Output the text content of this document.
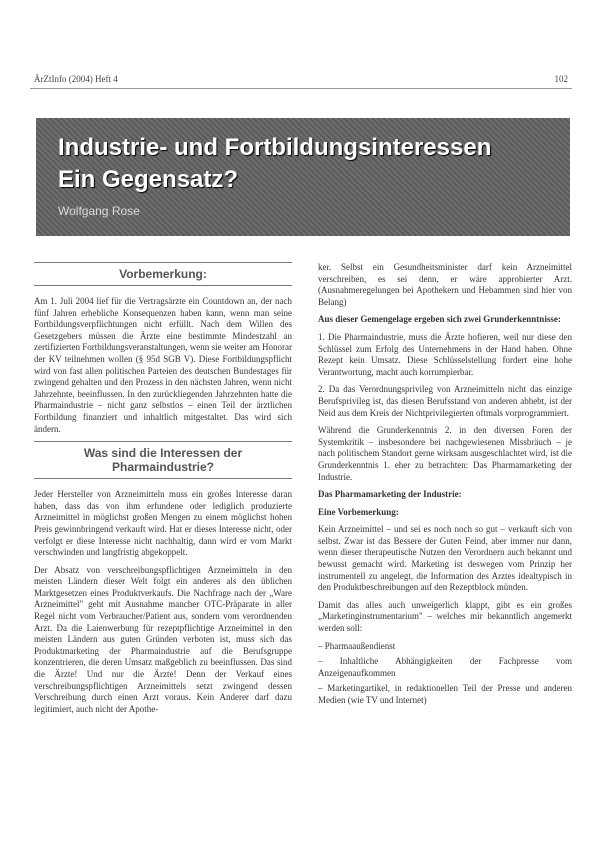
ÄrZtInfo (2004) Heft 4	102
Industrie- und Fortbildungsinteressen
Ein Gegensatz?
Wolfgang Rose
Vorbemerkung:

Am 1. Juli 2004 lief für die Vertragsärzte ein Countdown an, der nach fünf Jahren erhebliche Konsequenzen haben kann, wenn man seine Fortbildungsverpflichtungen nicht erfüllt. Nach dem Willen des Gesetzgebers müssen die Ärzte eine bestimmte Mindestzahl an zertifizierten Fortbildungsveranstaltungen, wenn sie weiter am Honorar der KV teilnehmen wollen (§ 95d SGB V). Diese Fortbildungspflicht wird von fast allen politischen Parteien des deutschen Bundestages für zwingend gehalten und den Prozess in den nächsten Jahren, wenn nicht Jahrzehnte, beeinflussen. In den zurückliegenden Jahrzehnten hatte die Pharmaindustrie – nicht ganz selbstlos – einen Teil der ärztlichen Fortbildung finanziert und inhaltlich mitgestaltet. Das wird sich ändern.

Was sind die Interessen der
Pharmaindustrie?

Jeder Hersteller von Arzneimitteln muss ein großes Interesse daran haben, dass das von ihm erfundene oder lediglich produzierte Arzneimittel in möglichst großen Mengen zu einem möglichst hohen Preis gewinnbringend verkauft wird. Hat er dieses Interesse nicht, oder verfolgt er diese Interesse nicht nachhaltig, dann wird er vom Markt verschwinden und langfristig abgekoppelt.

Der Absatz von verschreibungspflichtigen Arzneimitteln in den meisten Ländern dieser Welt folgt ein anderes als den üblichen Marktgesetzen eines Produktverkaufs. Die Nachfrage nach der „Ware Arzneimittel" geht mit Ausnahme mancher OTC-Präparate in aller Regel nicht vom Verbraucher/Patient aus, sondern vom verordnenden Arzt. Da die Laienwerbung für rezeptpflichtige Arzneimittel in den meisten Ländern aus guten Gründen verboten ist, muss sich das Produktmarketing der Pharmaindustrie auf die Berufsgruppe konzentrieren, die deren Umsatz maßgeblich zu beeinflussen. Das sind die Ärzte! Und nur die Ärzte! Denn der Verkauf eines verschreibungspflichtigen Arzneimittels setzt zwingend dessen Verschreibung durch einen Arzt voraus. Kein Anderer darf dazu legitimiert, auch nicht der Apothe-

ker. Selbst ein Gesundheitsminister darf kein Arzneimittel verschreiben, es sei denn, er wäre approbierter Arzt. (Ausnahmeregelungen bei Apothekern und Hebammen sind hier von Belang)

Aus dieser Gemengelage ergeben sich zwei Grunderkenntnisse:

1. Die Pharmaindustrie, muss die Ärzte hofieren, weil nur diese den Schlüssel zum Erfolg des Unternehmens in der Hand haben. Ohne Rezept kein Umsatz. Diese Schlüsselstellung fordert eine hohe Verantwortung, macht auch korrumpierbar.

2. Da das Verordnungsprivileg von Arzneimitteln nicht das einzige Berufsprivileg ist, das diesen Berufsstand von anderen abhebt, ist der Neid aus dem Kreis der Nichtprivilegierten oftmals vorprogrammiert.

Während die Grunderkenntnis 2. in den diversen Foren der Systemkritik – insbesondere bei nachgewiesenen Missbräuch – je nach politischem Standort gerne wirksam ausgeschlachtet wird, ist die Grunderkenntnis 1. eher zu betrachten: Das Pharmamarketing der Industrie.

Das Pharmamarketing der Industrie:

Eine Vorbemerkung:

Kein Arzneimittel – und sei es noch noch so gut – verkauft sich von selbst. Zwar ist das Bessere der Guten Feind, aber immer nur dann, wenn dieser therapeutische Nutzen den Verordnern auch bekannt und bewusst gemacht wird. Marketing ist deswegen vom Prinzip her instrumentell zu angelegt, die Information des Arztes idealtypisch in den Produktbeschreibungen auf den Rezeptblock münden.

Damit das alles auch unweigerlich klappt, gibt es ein großes „Marketinginstrumentarium" – welches mir bekanntlich angemerkt werden soll:

– Pharmaaußendienst
– Inhaltliche Abhängigkeiten der Fachpresse vom Anzeigenaufkommen
– Marketingartikel, in redaktionellen Teil der Presse und anderen Medien (wie TV und Internet)
